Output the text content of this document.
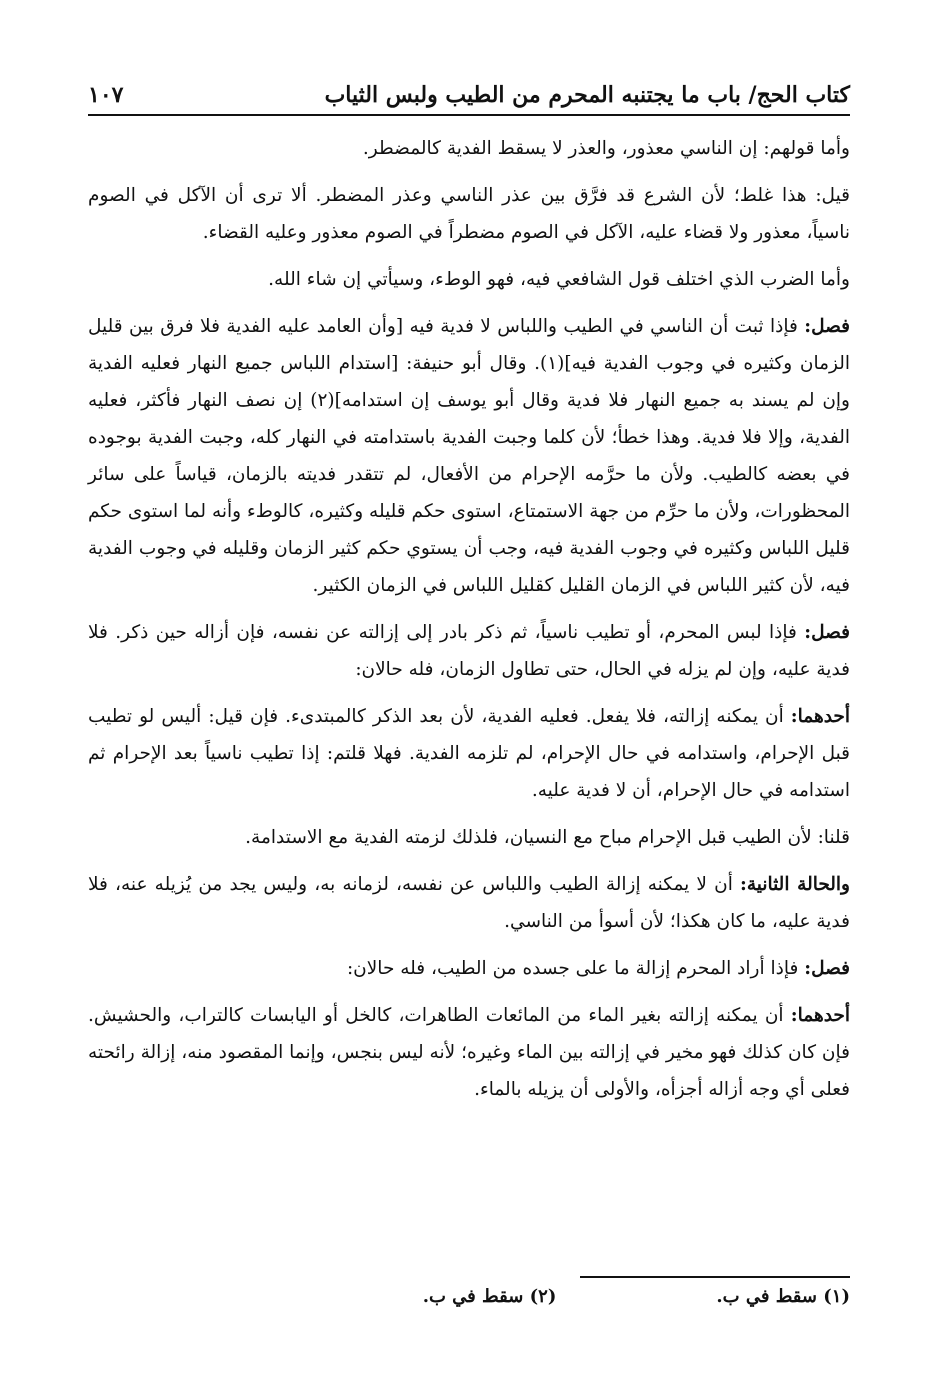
كتاب الحج/ باب ما يجتنبه المحرم من الطيب ولبس الثياب
١٠٧

وأما قولهم: إن الناسي معذور، والعذر لا يسقط الفدية كالمضطر.

قيل: هذا غلط؛ لأن الشرع قد فرَّق بين عذر الناسي وعذر المضطر. ألا ترى أن الآكل في الصوم ناسياً، معذور ولا قضاء عليه، الآكل في الصوم مضطراً في الصوم معذور وعليه القضاء.

وأما الضرب الذي اختلف قول الشافعي فيه، فهو الوطء، وسيأتي إن شاء الله.

فصل: فإذا ثبت أن الناسي في الطيب واللباس لا فدية فيه [وأن العامد عليه الفدية فلا فرق بين قليل الزمان وكثيره في وجوب الفدية فيه](١). وقال أبو حنيفة: [استدام اللباس جميع النهار فعليه الفدية وإن لم يسند به جميع النهار فلا فدية وقال أبو يوسف إن استدامه](٢) إن نصف النهار فأكثر، فعليه الفدية، وإلا فلا فدية. وهذا خطأ؛ لأن كلما وجبت الفدية باستدامته في النهار كله، وجبت الفدية بوجوده في بعضه كالطيب. ولأن ما حرَّمه الإحرام من الأفعال، لم تتقدر فديته بالزمان، قياساً على سائر المحظورات، ولأن ما حرِّم من جهة الاستمتاع، استوى حكم قليله وكثيره، كالوطء وأنه لما استوى حكم قليل اللباس وكثيره في وجوب الفدية فيه، وجب أن يستوي حكم كثير الزمان وقليله في وجوب الفدية فيه، لأن كثير اللباس في الزمان القليل كقليل اللباس في الزمان الكثير.

فصل: فإذا لبس المحرم، أو تطيب ناسياً، ثم ذكر بادر إلى إزالته عن نفسه، فإن أزاله حين ذكر. فلا فدية عليه، وإن لم يزله في الحال، حتى تطاول الزمان، فله حالان:

أحدهما: أن يمكنه إزالته، فلا يفعل. فعليه الفدية، لأن بعد الذكر كالمبتدىء. فإن قيل: أليس لو تطيب قبل الإحرام، واستدامه في حال الإحرام، لم تلزمه الفدية. فهلا قلتم: إذا تطيب ناسياً بعد الإحرام ثم استدامه في حال الإحرام، أن لا فدية عليه.

قلنا: لأن الطيب قبل الإحرام مباح مع النسيان، فلذلك لزمته الفدية مع الاستدامة.

والحالة الثانية: أن لا يمكنه إزالة الطيب واللباس عن نفسه، لزمانه به، وليس يجد من يُزيله عنه، فلا فدية عليه، ما كان هكذا؛ لأن أسوأ من الناسي.

فصل: فإذا أراد المحرم إزالة ما على جسده من الطيب، فله حالان:

أحدهما: أن يمكنه إزالته بغير الماء من المائعات الطاهرات، كالخل أو اليابسات كالتراب، والحشيش. فإن كان كذلك فهو مخير في إزالته بين الماء وغيره؛ لأنه ليس بنجس، وإنما المقصود منه، إزالة رائحته فعلى أي وجه أزاله أجزأه، والأولى أن يزيله بالماء.

(١) سقط في ب.
(٢) سقط في ب.
